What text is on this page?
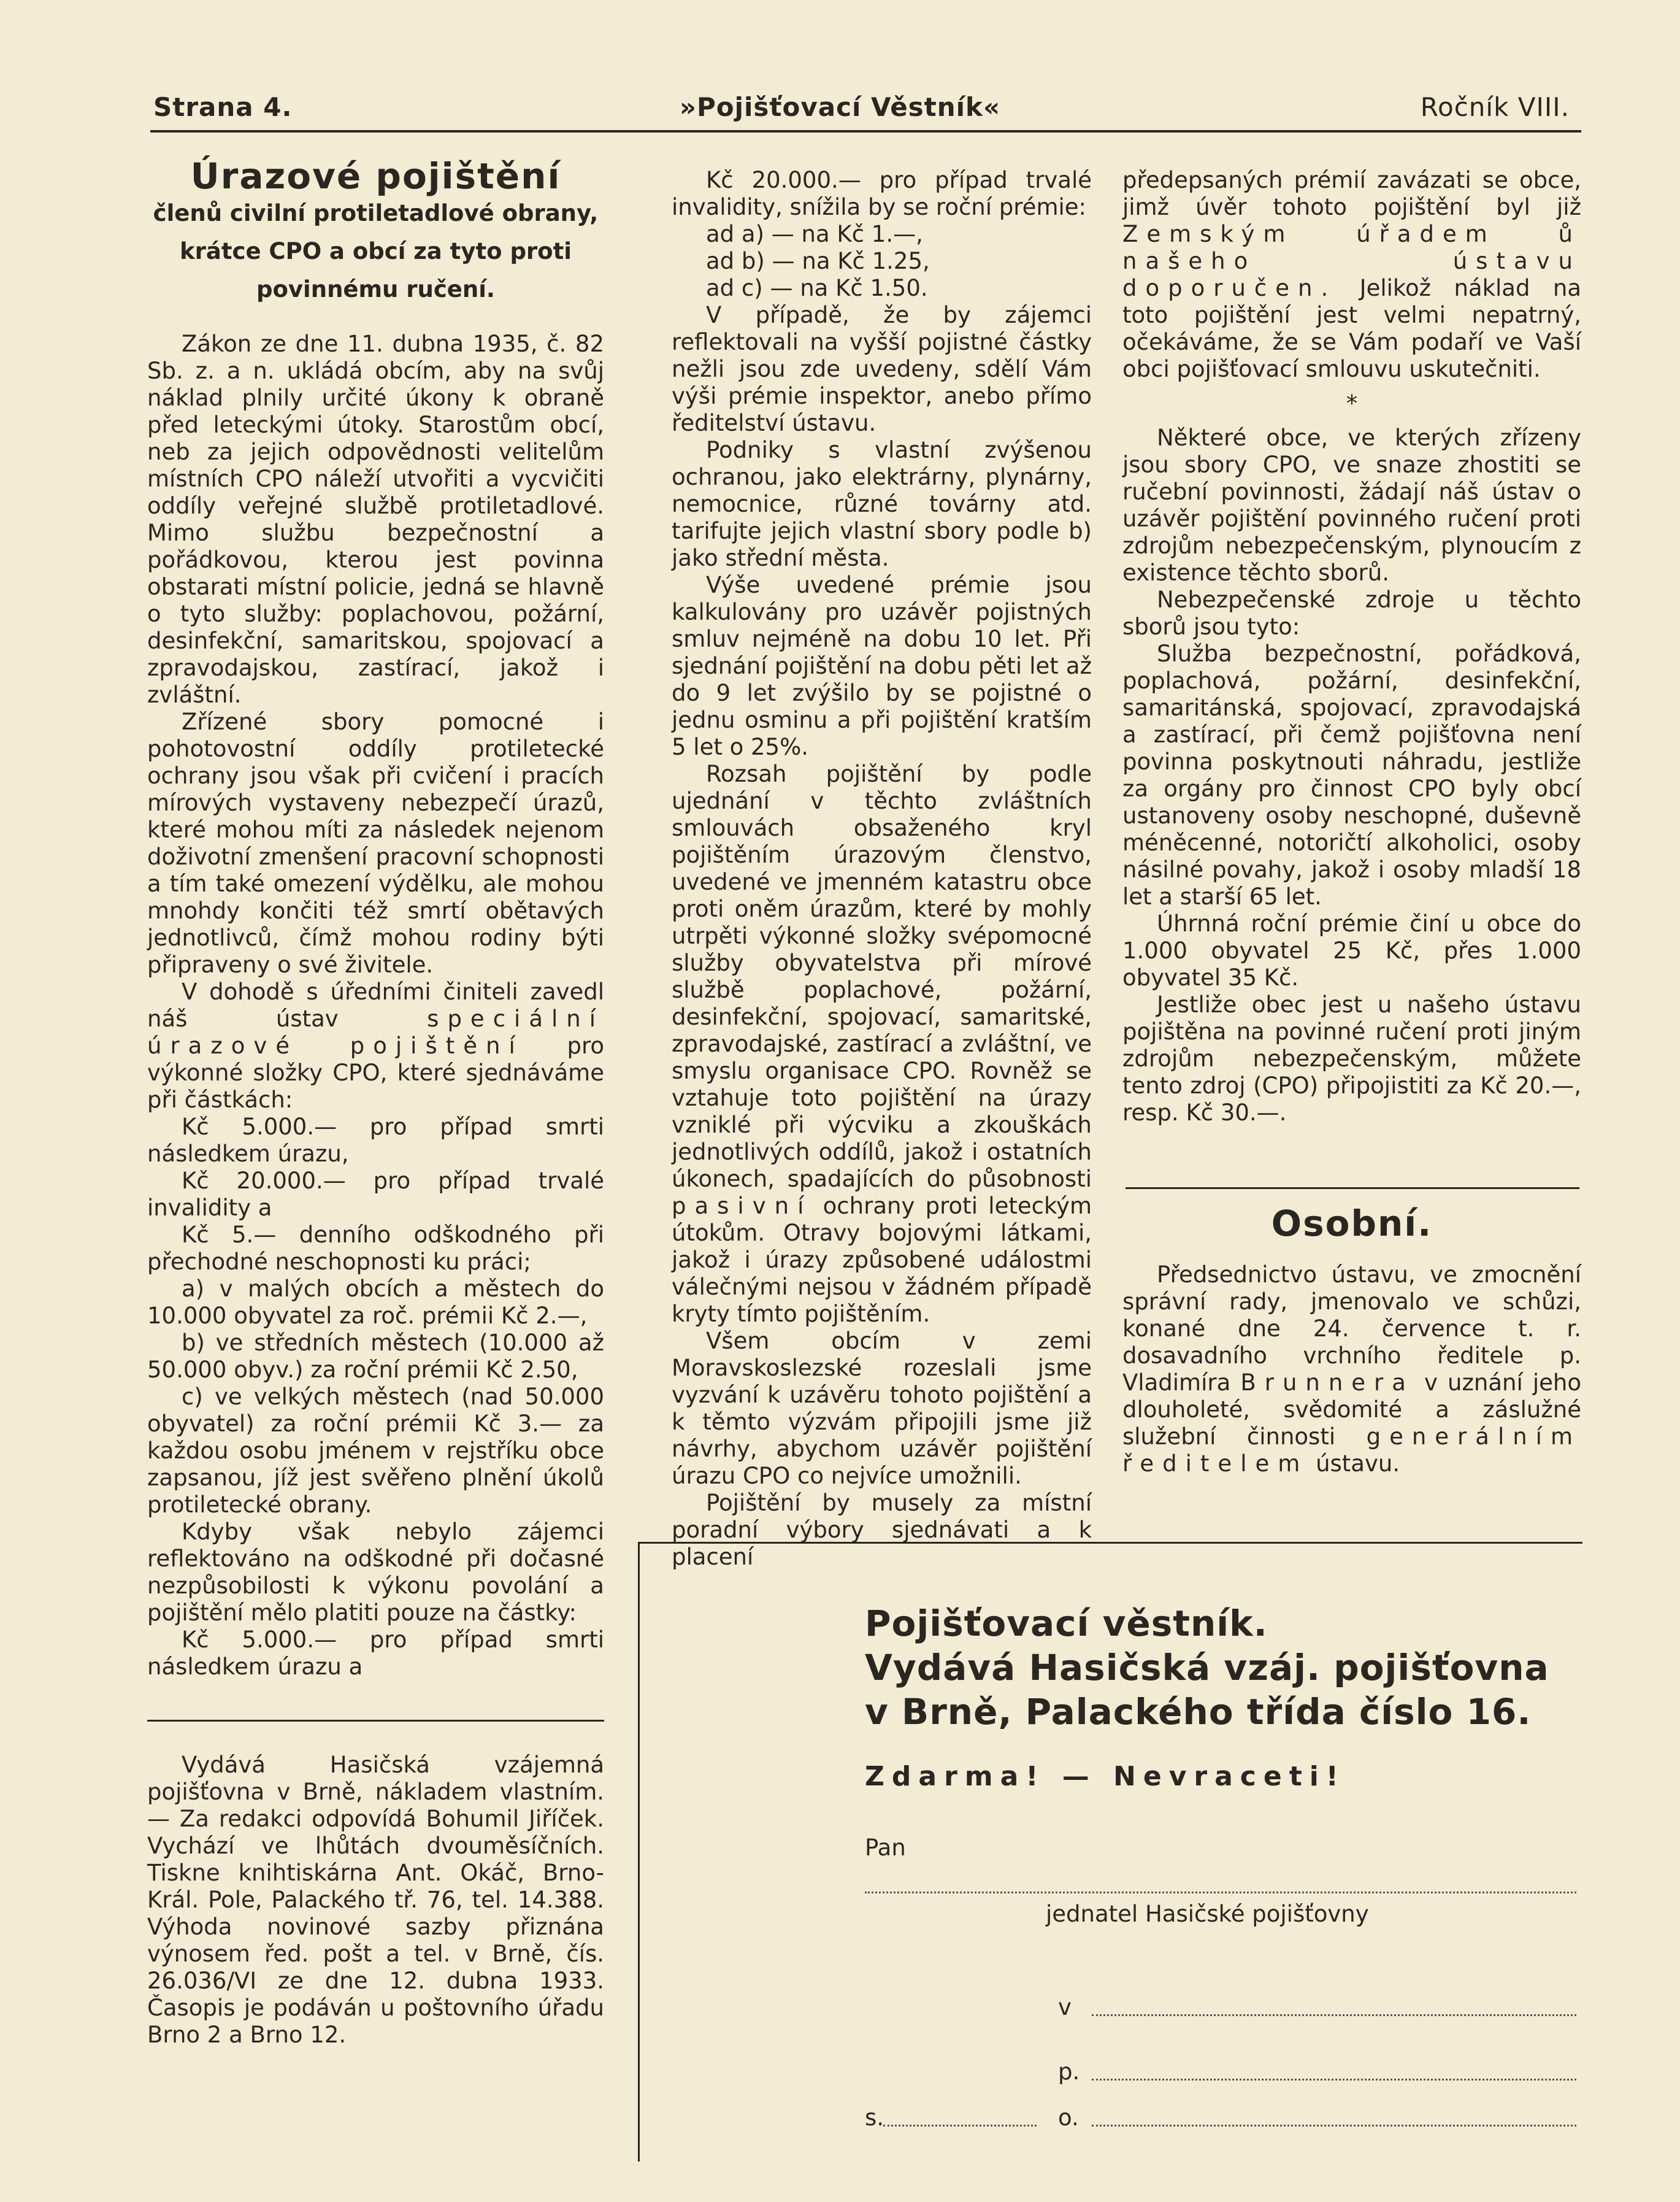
Strana 4.	»Pojišťovací Věstník«	Ročník VIII.
Úrazové pojištění
členů civilní protiletadlové obrany,
krátce CPO a obcí za tyto proti
povinnému ručení.

Zákon ze dne 11. dubna 1935, č. 82 Sb. z. a n. ukládá obcím, aby na svůj náklad plnily určité úkony k obraně před leteckými útoky. Starostům obcí, neb za jejich odpovědnosti velitelům místních CPO náleží utvořiti a vycvičiti oddíly veřejné službě protiletadlové. Mimo službu bezpečnostní a pořádkovou, kterou jest povinna obstarati místní policie, jedná se hlavně o tyto služby: poplachovou, požární, desinfekční, samaritskou, spojovací a zpravodajskou, zastírací, jakož i zvláštní.

Zřízené sbory pomocné i pohotovostní oddíly protiletecké ochrany jsou však při cvičení i pracích mírových vystaveny nebezpečí úrazů, které mohou míti za následek nejenom doživotní zmenšení pracovní schopnosti a tím také omezení výdělku, ale mohou mnohdy končiti též smrtí obětavých jednotlivců, čímž mohou rodiny býti připraveny o své živitele.

V dohodě s úředními činiteli zavedl náš ústav	speciální úrazové pojištění pro výkonné složky CPO, které sjednáváme při částkách:

Kč 5.000.— pro případ smrti následkem úrazu,

Kč 20.000.— pro případ trvalé invalidity a

Kč 5.— denního odškodného při přechodné neschopnosti ku práci;

a) v malých obcích a městech do 10.000 obyvatel za roč. prémii Kč 2.—,

b) ve středních městech (10.000 až 50.000 obyv.) za roční prémii Kč 2.50,

c) ve velkých městech (nad 50.000 obyvatel) za roční prémii Kč 3.— za každou osobu jménem v rejstříku obce zapsanou, jíž jest svěřeno plnění úkolů protiletecké obrany.

Kdyby však nebylo zájemci reflektováno na odškodné při dočasné nezpůsobilosti k výkonu povolání a pojištění mělo platiti pouze na částky:

Kč 5.000.— pro případ smrti následkem úrazu a

Kč 20.000.— pro případ trvalé invalidity, snížila by se roční prémie:

ad a) — na Kč 1.—,

ad b) — na Kč 1.25,

ad c) — na Kč 1.50.

V případě, že by zájemci reflektovali na vyšší pojistné částky nežli jsou zde uvedeny, sdělí Vám výši prémie inspektor, anebo přímo ředitelství ústavu.

Podniky s vlastní zvýšenou ochranou, jako elektrárny, plynárny, nemocnice, různé továrny atd. tarifujte jejich vlastní sbory podle b) jako střední města.

Výše uvedené prémie jsou kalkulovány pro uzávěr pojistných smluv nejméně na dobu 10 let. Při sjednání pojištění na dobu pěti let až do 9 let zvýšilo by se pojistné o jednu osminu a při pojištění kratším 5 let o 25%.

Rozsah pojištění by podle ujednání v těchto zvláštních smlouvách obsaženého kryl pojištěním úrazovým členstvo, uvedené ve jmenném katastru obce proti oněm úrazům, které by mohly utrpěti výkonné složky svépomocné služby obyvatelstva při mírové službě poplachové, požární, desinfekční, spojovací, samaritské, zpravodajské, zastírací a zvláštní, ve smyslu organisace CPO. Rovněž se vztahuje toto pojištění na úrazy vzniklé při výcviku a zkouškách jednotlivých oddílů, jakož i ostatních úkonech, spadajících do působnosti pasivní ochrany proti leteckým útokům. Otravy bojovými látkami, jakož i úrazy způsobené událostmi válečnými nejsou v žádném případě kryty tímto pojištěním.

Všem obcím v zemi Moravskoslezské rozeslali jsme vyzvání k uzávěru tohoto pojištění a k těmto výzvám připojili jsme již návrhy, abychom uzávěr pojištění úrazu CPO co nejvíce umožnili.

Pojištění by musely za místní poradní výbory sjednávati a k placení

předepsaných prémií zavázati se obce, jimž úvěr tohoto pojištění byl již Zemským úřadem ů našeho ústavu doporučen. Jelikož náklad na toto pojištění jest velmi nepatrný, očekáváme, že se Vám podaří ve Vaší obci pojišťovací smlouvu uskutečniti.

*

Některé obce, ve kterých zřízeny jsou sbory CPO, ve snaze zhostiti se ručební povinnosti, žádají náš ústav o uzávěr pojištění povinného ručení proti zdrojům nebezpečenským, plynoucím z existence těchto sborů.

Nebezpečenské zdroje u těchto sborů jsou tyto:

Služba bezpečnostní, pořádková, poplachová, požární, desinfekční, samaritánská, spojovací, zpravodajská a zastírací, při čemž pojišťovna není povinna poskytnouti náhradu, jestliže za orgány pro činnost CPO byly obcí ustanoveny osoby neschopné, duševně méněcenné, notoričtí alkoholici, osoby násilné povahy, jakož i osoby mladší 18 let a starší 65 let.

Úhrnná roční prémie činí u obce do 1.000 obyvatel 25 Kč, přes 1.000 obyvatel 35 Kč.

Jestliže obec jest u našeho ústavu pojištěna na povinné ručení proti jiným zdrojům nebezpečenským, můžete tento zdroj (CPO) připojistiti za Kč 20.—, resp. Kč 30.—.

Osobní.

Předsednictvo ústavu, ve zmocnění správní rady, jmenovalo ve schůzi, konané dne 24. července t. r. dosavadního vrchního ředitele p. Vladimíra Brunnera v uznání jeho dlouholeté, svědomité a záslužné služební činnosti generálním ředitelem ústavu.

Vydává Hasičská vzájemná pojišťovna v Brně, nákladem vlastním. — Za redakci odpovídá Bohumil Jiříček. Vychází ve lhůtách dvouměsíčních. Tiskne knihtiskárna Ant. Okáč, Brno-Král. Pole, Palackého tř. 76, tel. 14.388. Výhoda novinové sazby přiznána výnosem řed. pošt a tel. v Brně, čís. 26.036/VI ze dne 12. dubna 1933. Časopis je podáván u poštovního úřadu Brno 2 a Brno 12.

Pojišťovací věstník.
Vydává Hasičská vzáj. pojišťovna
v Brně, Palackého třída číslo 16.
Zdarma! — Nevraceti!
Pan
jednatel Hasičské pojišťovny
v
p.
s.	o.
